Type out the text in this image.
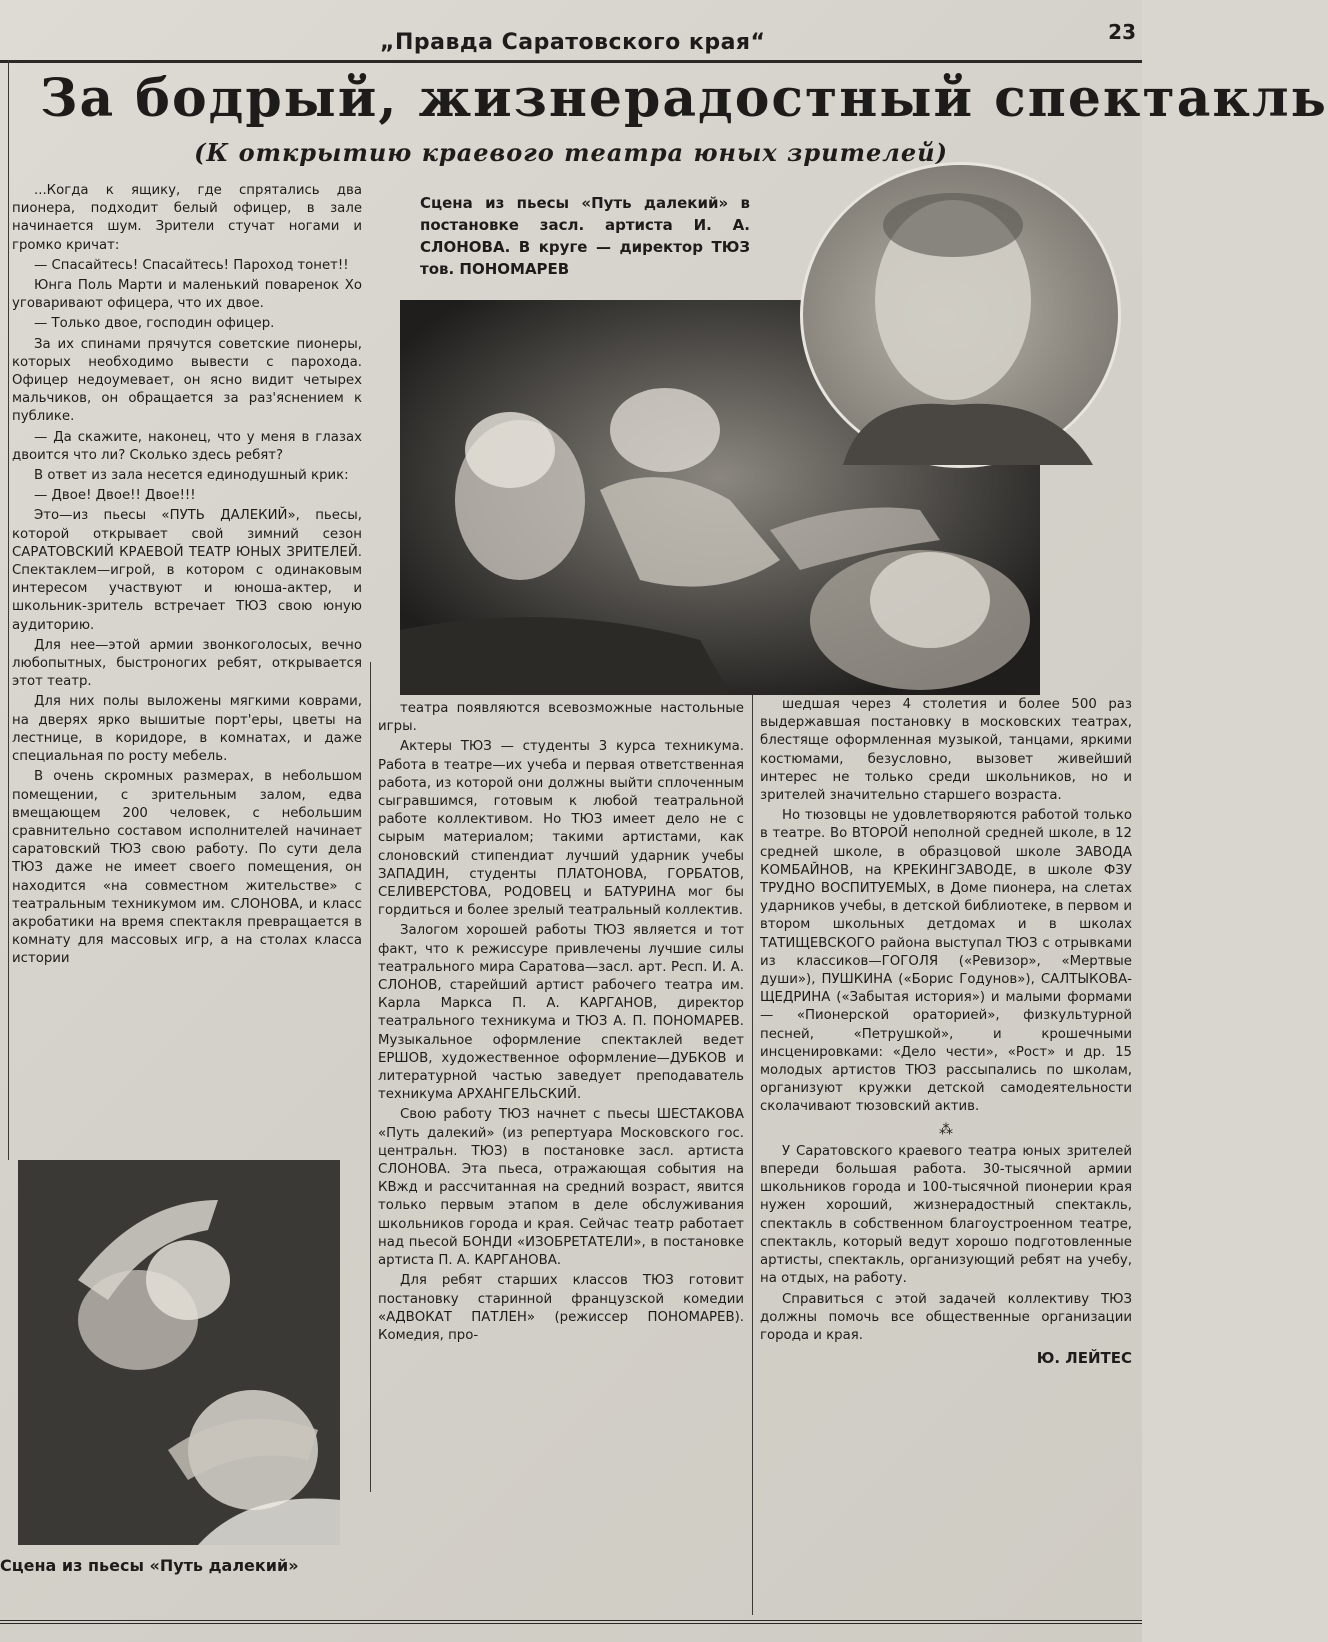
„Правда Саратовского края“	23
За бодрый, жизнерадостный спектакль
(К открытию краевого театра юных зрителей)

...Когда к ящику, где спрятались два пионера, подходит белый офицер, в зале начинается шум. Зрители стучат ногами и громко кричат:

— Спасайтесь! Спасайтесь! Пароход тонет!!

Юнга Поль Марти и маленький поваренок Хо уговаривают офицера, что их двое.

— Только двое, господин офицер.

За их спинами прячутся советские пионеры, которых необходимо вывести с парохода. Офицер недоумевает, он ясно видит четырех мальчиков, он обращается за раз'яснением к публике.

— Да скажите, наконец, что у меня в глазах двоится что ли? Сколько здесь ребят?

В ответ из зала несется единодушный крик:

— Двое! Двое!! Двое!!!

Это—из пьесы «ПУТЬ ДАЛЕКИЙ», пьесы, которой открывает свой зимний сезон САРАТОВСКИЙ КРАЕВОЙ ТЕАТР ЮНЫХ ЗРИТЕЛЕЙ. Спектаклем—игрой, в котором с одинаковым интересом участвуют и юноша-актер, и школьник-зритель встречает ТЮЗ свою юную аудиторию.

Для нее—этой армии звонкоголосых, вечно любопытных, быстроногих ребят, открывается этот театр.

Для них полы выложены мягкими коврами, на дверях ярко вышитые порт'еры, цветы на лестнице, в коридоре, в комнатах, и даже специальная по росту мебель.

В очень скромных размерах, в небольшом помещении, с зрительным залом, едва вмещающем 200 человек, с небольшим сравнительно составом исполнителей начинает саратовский ТЮЗ свою работу. По сути дела ТЮЗ даже не имеет своего помещения, он находится «на совместном жительстве» с театральным техникумом им. СЛОНОВА, и класс акробатики на время спектакля превращается в комнату для массовых игр, а на столах класса истории

Сцена из пьесы «Путь далекий» в постановке засл. артиста И. А. СЛОНОВА. В круге — директор ТЮЗ тов. ПОНОМАРЕВ

театра появляются всевозможные настольные игры.

Актеры ТЮЗ — студенты 3 курса техникума. Работа в театре—их учеба и первая ответственная работа, из которой они должны выйти сплоченным сыгравшимся, готовым к любой театральной работе коллективом. Но ТЮЗ имеет дело не с сырым материалом; такими артистами, как слоновский стипендиат лучший ударник учебы ЗАПАДИН, студенты ПЛАТОНОВА, ГОРБАТОВ, СЕЛИВЕРСТОВА, РОДОВЕЦ и БАТУРИНА мог бы гордиться и более зрелый театральный коллектив.

Залогом хорошей работы ТЮЗ является и тот факт, что к режиссуре привлечены лучшие силы театрального мира Саратова—засл. арт. Респ. И. А. СЛОНОВ, старейший артист рабочего театра им. Карла Маркса П. А. КАРГАНОВ, директор театрального техникума и ТЮЗ А. П. ПОНОМАРЕВ. Музыкальное оформление спектаклей ведет ЕРШОВ, художественное оформление—ДУБКОВ и литературной частью заведует преподаватель техникума АРХАНГЕЛЬСКИЙ.

Свою работу ТЮЗ начнет с пьесы ШЕСТАКОВА «Путь далекий» (из репертуара Московского гос. центральн. ТЮЗ) в постановке засл. артиста СЛОНОВА. Эта пьеса, отражающая события на КВжд и рассчитанная на средний возраст, явится только первым этапом в деле обслуживания школьников города и края. Сейчас театр работает над пьесой БОНДИ «ИЗОБРЕТАТЕЛИ», в постановке артиста П. А. КАРГАНОВА.

Для ребят старших классов ТЮЗ готовит постановку старинной французской комедии «АДВОКАТ ПАТЛЕН» (режиссер ПОНОМАРЕВ). Комедия, про-

шедшая через 4 столетия и более 500 раз выдержавшая постановку в московских театрах, блестяще оформленная музыкой, танцами, яркими костюмами, безусловно, вызовет живейший интерес не только среди школьников, но и зрителей значительно старшего возраста.

Но тюзовцы не удовлетворяются работой только в театре. Во ВТОРОЙ неполной средней школе, в 12 средней школе, в образцовой школе ЗАВОДА КОМБАЙНОВ, на КРЕКИНГЗАВОДЕ, в школе ФЗУ ТРУДНО ВОСПИТУЕМЫХ, в Доме пионера, на слетах ударников учебы, в детской библиотеке, в первом и втором школьных детдомах и в школах ТАТИЩЕВСКОГО района выступал ТЮЗ с отрывками из классиков—ГОГОЛЯ («Ревизор», «Мертвые души»), ПУШКИНА («Борис Годунов»), САЛТЫКОВА-ЩЕДРИНА («Забытая история») и малыми формами — «Пионерской ораторией», физкультурной песней, «Петрушкой», и крошечными инсценировками: «Дело чести», «Рост» и др. 15 молодых артистов ТЮЗ рассыпались по школам, организуют кружки детской самодеятельности сколачивают тюзовский актив.

⁂

У Саратовского краевого театра юных зрителей впереди большая работа. 30-тысячной армии школьников города и 100-тысячной пионерии края нужен хороший, жизнерадостный спектакль, спектакль в собственном благоустроенном театре, спектакль, который ведут хорошо подготовленные артисты, спектакль, организующий ребят на учебу, на отдых, на работу.

Справиться с этой задачей коллективу ТЮЗ должны помочь все общественные организации города и края.

Ю. ЛЕЙТЕС
Сцена из пьесы «Путь далекий»
